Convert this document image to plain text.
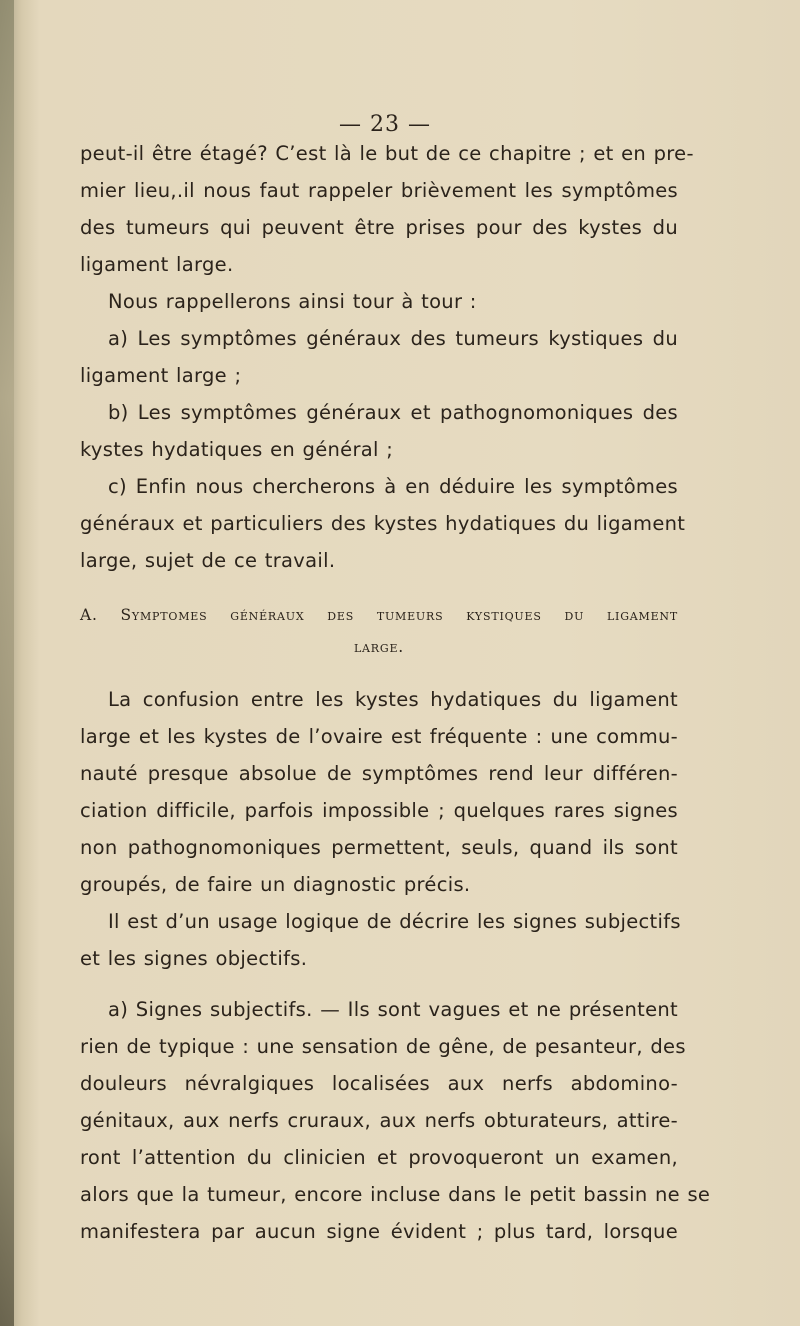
— 23 —
peut-il être étagé? C’est là le but de ce chapitre ; et en pre-
mier lieu,.il nous faut rappeler brièvement les symptômes
des tumeurs qui peuvent être prises pour des kystes du
ligament large.
Nous rappellerons ainsi tour à tour :
a) Les symptômes généraux des tumeurs kystiques du
ligament large ;
b) Les symptômes généraux et pathognomoniques des
kystes hydatiques en général ;
c) Enfin nous chercherons à en déduire les symptômes
généraux et particuliers des kystes hydatiques du ligament
large, sujet de ce travail.
A. Symptomes généraux des tumeurs kystiques du ligament
large.
La confusion entre les kystes hydatiques du ligament
large et les kystes de l’ovaire est fréquente : une commu-
nauté presque absolue de symptômes rend leur différen-
ciation difficile, parfois impossible ; quelques rares signes
non pathognomoniques permettent, seuls, quand ils sont
groupés, de faire un diagnostic précis.
Il est d’un usage logique de décrire les signes subjectifs
et les signes objectifs.
a) Signes subjectifs. — Ils sont vagues et ne présentent
rien de typique : une sensation de gêne, de pesanteur, des
douleurs névralgiques localisées aux nerfs abdomino-
génitaux, aux nerfs cruraux, aux nerfs obturateurs, attire-
ront l’attention du clinicien et provoqueront un examen,
alors que la tumeur, encore incluse dans le petit bassin ne se
manifestera par aucun signe évident ; plus tard, lorsque
